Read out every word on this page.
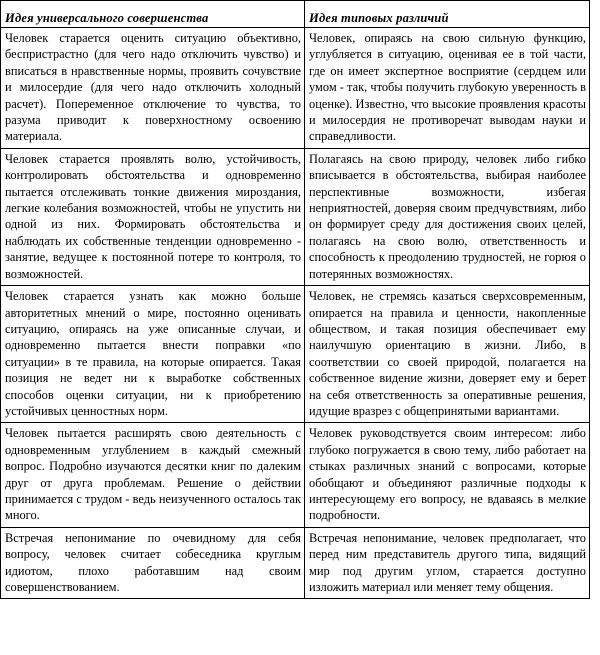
Идея универсального совершенства	Идея типовых различий
Человек старается оценить ситуацию объективно, беспристрастно (для чего надо отключить чувство) и вписаться в нравственные нормы, проявить сочувствие и милосердие (для чего надо отключить холодный расчет). Попеременное отключение то чувства, то разума приводит к поверхностному освоению материала.	Человек, опираясь на свою сильную функцию, углубляется в ситуацию, оценивая ее в той части, где он имеет экспертное восприятие (сердцем или умом - так, чтобы получить глубокую уверенность в оценке). Известно, что высокие проявления красоты и милосердия не противоречат выводам науки и справедливости.
Человек старается проявлять волю, устойчивость, контролировать обстоятельства и одновременно пытается отслеживать тонкие движения мироздания, легкие колебания возможностей, чтобы не упустить ни одной из них. Формировать обстоятельства и наблюдать их собственные тенденции одновременно - занятие, ведущее к постоянной потере то контроля, то возможностей.	Полагаясь на свою природу, человек либо гибко вписывается в обстоятельства, выбирая наиболее перспективные возможности, избегая неприятностей, доверяя своим предчувствиям, либо он формирует среду для достижения своих целей, полагаясь на свою волю, ответственность и способность к преодолению трудностей, не горюя о потерянных возможностях.
Человек старается узнать как можно больше авторитетных мнений о мире, постоянно оценивать ситуацию, опираясь на уже описанные случаи, и одновременно пытается внести поправки «по ситуации» в те правила, на которые опирается. Такая позиция не ведет ни к выработке собственных способов оценки ситуации, ни к приобретению устойчивых ценностных норм.	Человек, не стремясь казаться сверхсовременным, опирается на правила и ценности, накопленные обществом, и такая позиция обеспечивает ему наилучшую ориентацию в жизни. Либо, в соответствии со своей природой, полагается на собственное видение жизни, доверяет ему и берет на себя ответственность за оперативные решения, идущие вразрез с общепринятыми вариантами.
Человек пытается расширять свою деятельность с одновременным углублением в каждый смежный вопрос. Подробно изучаются десятки книг по далеким друг от друга проблемам. Решение о действии принимается с трудом - ведь неизученного осталось так много.	Человек руководствуется своим интересом: либо глубоко погружается в свою тему, либо работает на стыках различных знаний с вопросами, которые обобщают и объединяют различные подходы к интересующему его вопросу, не вдаваясь в мелкие подробности.
Встречая непонимание по очевидному для себя вопросу, человек считает собеседника круглым идиотом, плохо работавшим над своим совершенствованием.	Встречая непонимание, человек предполагает, что перед ним представитель другого типа, видящий мир под другим углом, старается доступно изложить материал или меняет тему общения.
